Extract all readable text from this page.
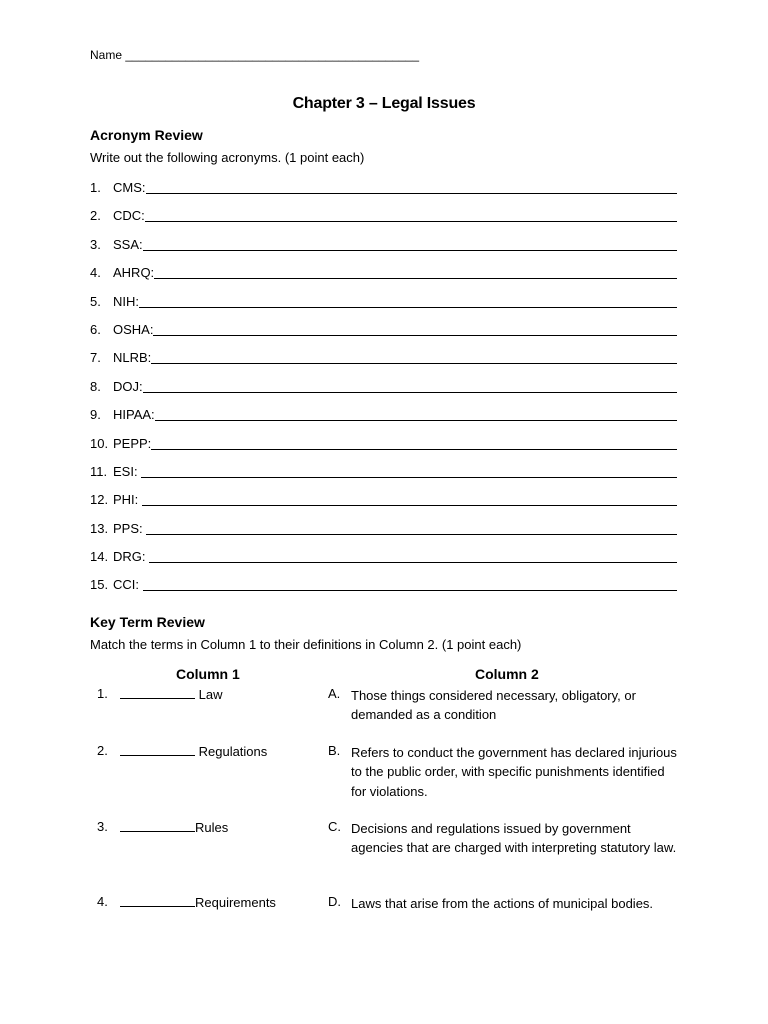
Name ____________________________________________
Chapter 3 – Legal Issues
Acronym Review
Write out the following acronyms. (1 point each)
1. CMS:
2. CDC:
3. SSA:
4. AHRQ:
5. NIH:
6. OSHA:
7. NLRB:
8. DOJ:
9. HIPAA:
10. PEPP:
11. ESI:
12. PHI:
13. PPS:
14. DRG:
15. CCI:
Key Term Review
Match the terms in Column 1 to their definitions in Column 2. (1 point each)
Column 1	Column 2
1.	Law	A. Those things considered necessary, obligatory, or demanded as a condition
2.	Regulations	B. Refers to conduct the government has declared injurious to the public order, with specific punishments identified for violations.
3.	Rules	C. Decisions and regulations issued by government agencies that are charged with interpreting statutory law.
4.	Requirements	D. Laws that arise from the actions of municipal bodies.
